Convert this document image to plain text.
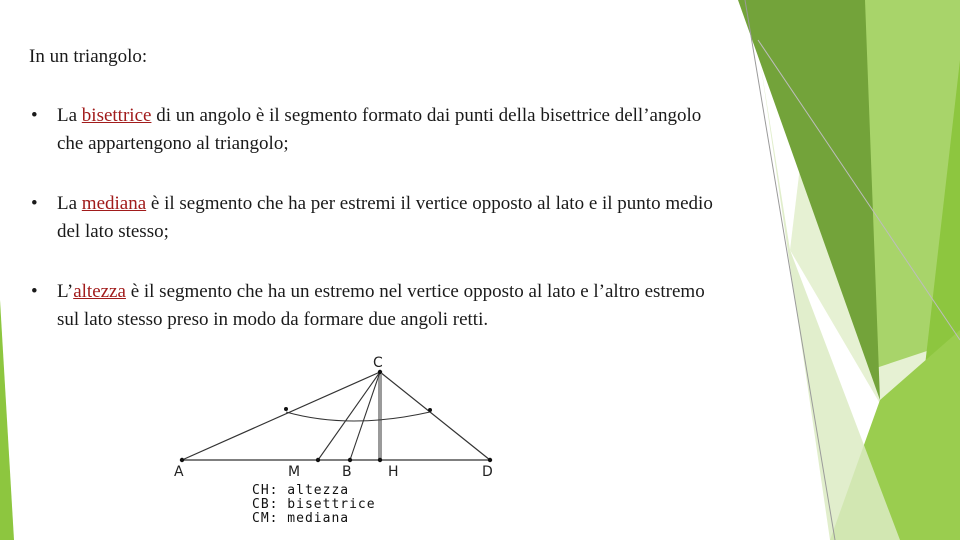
In un triangolo:

• La bisettrice di un angolo è il segmento formato dai punti della bisettrice dell’angolo che appartengono al triangolo;
• La mediana è il segmento che ha per estremi il vertice opposto al lato e il punto medio del lato stesso;
• L’altezza è il segmento che ha un estremo nel vertice opposto al lato e l’altro estremo sul lato stesso preso in modo da formare due angoli retti.
C
A	M	B	H	D
CH: altezza
CB: bisettrice
CM: mediana
